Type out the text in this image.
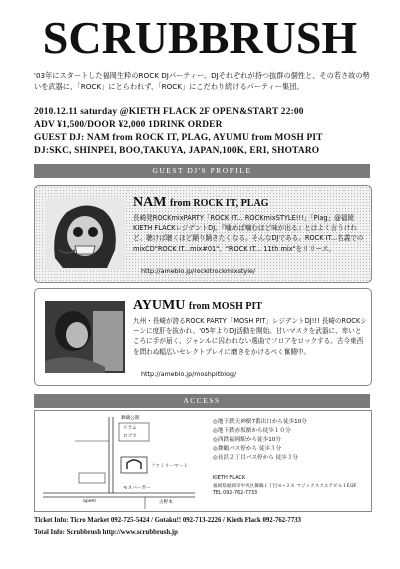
SCRUBBRUSH
'03年にスタートした福岡生粋のROCK DJパーティー。DJそれぞれが持つ抜群の個性と、その若さ故の勢いを武器に、「ROCK」にとらわれず、「ROCK」にこだわり続けるパーティー集団。
2010.12.11 saturday @KIETH FLACK 2F OPEN&START 22:00
ADV ¥1,500/DOOR ¥2,000 1DRINK ORDER
GUEST DJ: NAM from ROCK IT, PLAG, AYUMU from MOSH PIT
DJ:SKC, SHINPEI, BOO,TAKUYA, JAPAN,100K, ERI, SHOTARO
GUEST DJ'S PROFILE
NAM from ROCK IT, PLAG
長崎発ROCKmixPARTY「ROCK IT... ROCKmixSTYLE!!!」「Plag」@福岡KIETH FLACKレジデントDJ。『噛めば噛むほど味が出る』とはよく言うけれど、聴けば聴くほど踊り踊きたくなる。そんなDJである。ROCK IT...名義でのmixCD"ROCK IT...mix#01"、"ROCK IT... 11th mix"をリリース。
http://ameblo.jp/rockitrockmixstyle/
AYUMU from MOSH PIT
九州・長崎が誇るROCK PARTY「MOSH PIT」レジデントDJ!!! 長崎のROCKシーンに度肝を抜かれ、'05年よりDJ活動を開始。甘いマスクを武器に、卑いところに手が届く、ジャンルに囚われない選曲でフロアをロックする。古今東西を問わぬ幅広いセレクトプレイに磨きをかけるべく奮闘中。
http://ameblo.jp/moshpitblog/
ACCESS
舞鶴公園
ドラム
ロゴス
ファミリーマート
モスバーガー
古野本
apem
◎地下鉄天神駅7番出口から徒歩10分
◎地下鉄赤坂駅から徒歩１０分
◎西鉄福岡駅から徒歩10分
◎舞鶴バス停から 徒歩３分
◎長浜２丁目バス停から 徒歩３分
KIETH FLACK
福岡県福岡市中央区舞鶴１丁目８−２８ マジックスクエアビル１F/2F
TEL 092-762-7733
Ticket Info: Ticro Market 092-725-5424 / Gotaku!! 092-713-2226 / Kieth Flack 092-762-7733
Total Info: Scrubbrush http://www.scrubbrush.jp
